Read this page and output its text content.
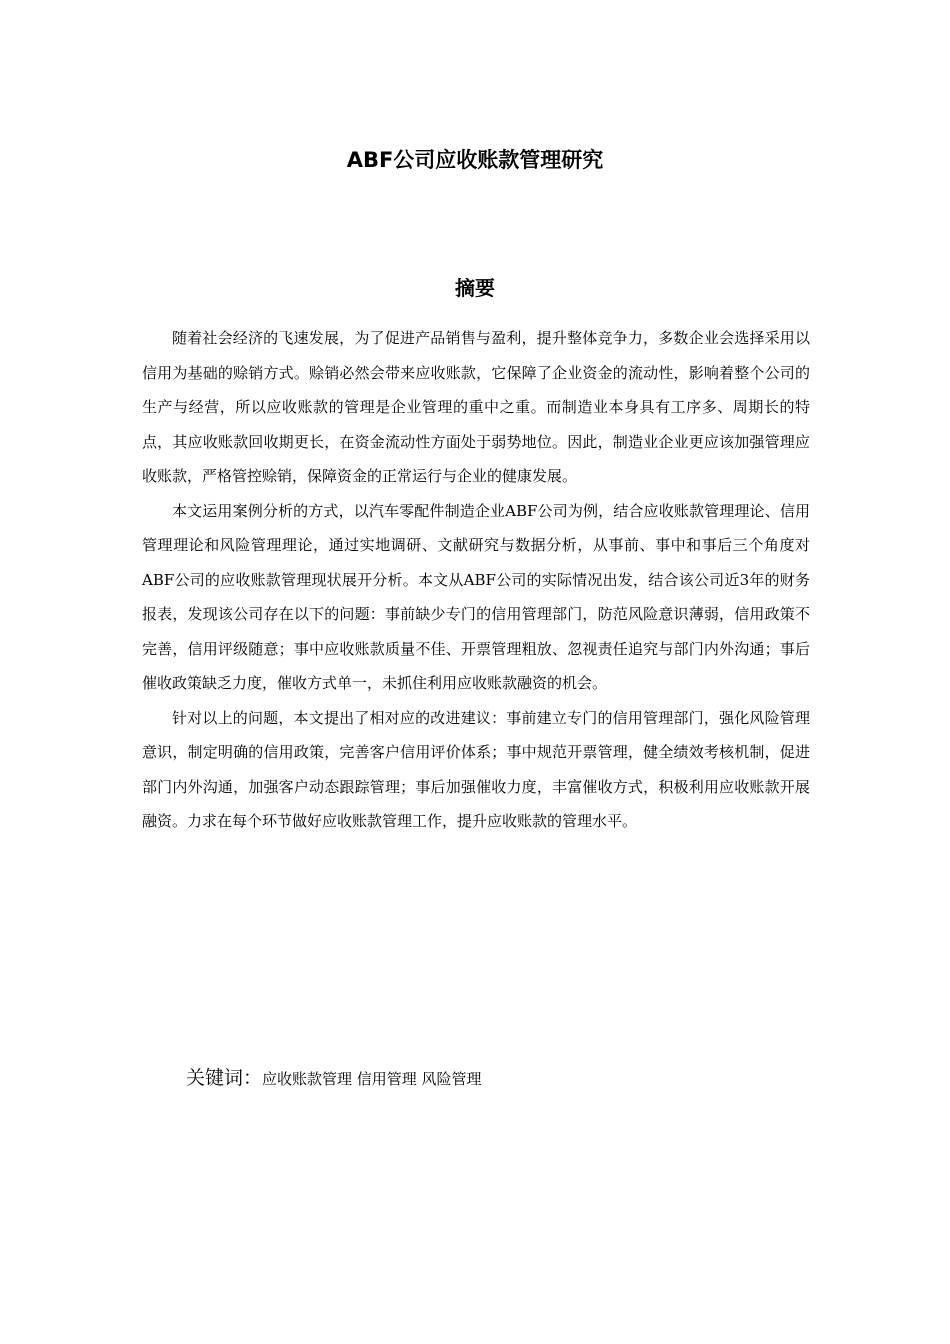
ABF公司应收账款管理研究
摘要

随着社会经济的飞速发展，为了促进产品销售与盈利，提升整体竞争力，多数企业会选择采用以信用为基础的赊销方式。赊销必然会带来应收账款，它保障了企业资金的流动性，影响着整个公司的生产与经营，所以应收账款的管理是企业管理的重中之重。而制造业本身具有工序多、周期长的特点，其应收账款回收期更长，在资金流动性方面处于弱势地位。因此，制造业企业更应该加强管理应收账款，严格管控赊销，保障资金的正常运行与企业的健康发展。

本文运用案例分析的方式，以汽车零配件制造企业ABF公司为例，结合应收账款管理理论、信用管理理论和风险管理理论，通过实地调研、文献研究与数据分析，从事前、事中和事后三个角度对ABF公司的应收账款管理现状展开分析。本文从ABF公司的实际情况出发，结合该公司近3年的财务报表，发现该公司存在以下的问题：事前缺少专门的信用管理部门，防范风险意识薄弱，信用政策不完善，信用评级随意；事中应收账款质量不佳、开票管理粗放、忽视责任追究与部门内外沟通；事后催收政策缺乏力度，催收方式单一，未抓住利用应收账款融资的机会。

针对以上的问题，本文提出了相对应的改进建议：事前建立专门的信用管理部门，强化风险管理意识，制定明确的信用政策，完善客户信用评价体系；事中规范开票管理，健全绩效考核机制，促进部门内外沟通，加强客户动态跟踪管理；事后加强催收力度，丰富催收方式，积极利用应收账款开展融资。力求在每个环节做好应收账款管理工作，提升应收账款的管理水平。

关键词：应收账款管理 信用管理 风险管理
